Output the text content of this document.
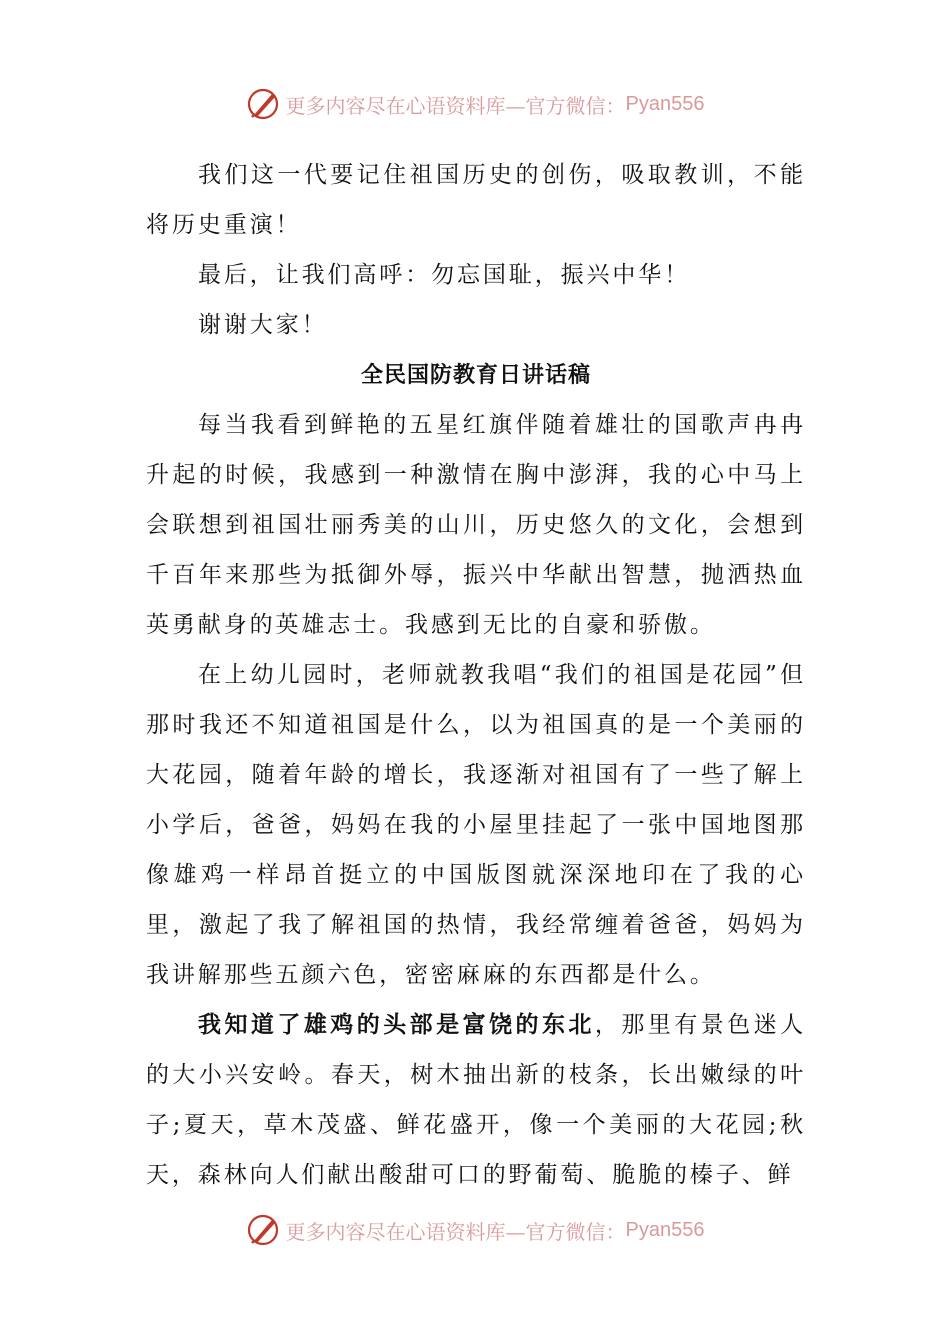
更多内容尽在心语资料库 —官方微信： Pyan556

我们这一代要记住祖国历史的创伤，吸取教训，不能将历史重演！

最后，让我们高呼：勿忘国耻，振兴中华！

谢谢大家！

全民国防教育日讲话稿

每当我看到鲜艳的五星红旗伴随着雄壮的国歌声冉冉升起的时候，我感到一种激情在胸中澎湃，我的心中马上会联想到祖国壮丽秀美的山川，历史悠久的文化，会想到千百年来那些为抵御外辱，振兴中华献出智慧，抛洒热血英勇献身的英雄志士。我感到无比的自豪和骄傲。

在上幼儿园时，老师就教我唱“我们的祖国是花园”但那时我还不知道祖国是什么，以为祖国真的是一个美丽的大花园，随着年龄的增长，我逐渐对祖国有了一些了解上小学后，爸爸，妈妈在我的小屋里挂起了一张中国地图那像雄鸡一样昂首挺立的中国版图就深深地印在了我的心里，激起了我了解祖国的热情，我经常缠着爸爸，妈妈为我讲解那些五颜六色，密密麻麻的东西都是什么。

我知道了雄鸡的头部是富饶的东北，那里有景色迷人的大小兴安岭。春天，树木抽出新的枝条，长出嫩绿的叶子;夏天，草木茂盛、鲜花盛开，像一个美丽的大花园;秋天，森林向人们献出酸甜可口的野葡萄、脆脆的榛子、鲜

更多内容尽在心语资料库 —官方微信： Pyan556
